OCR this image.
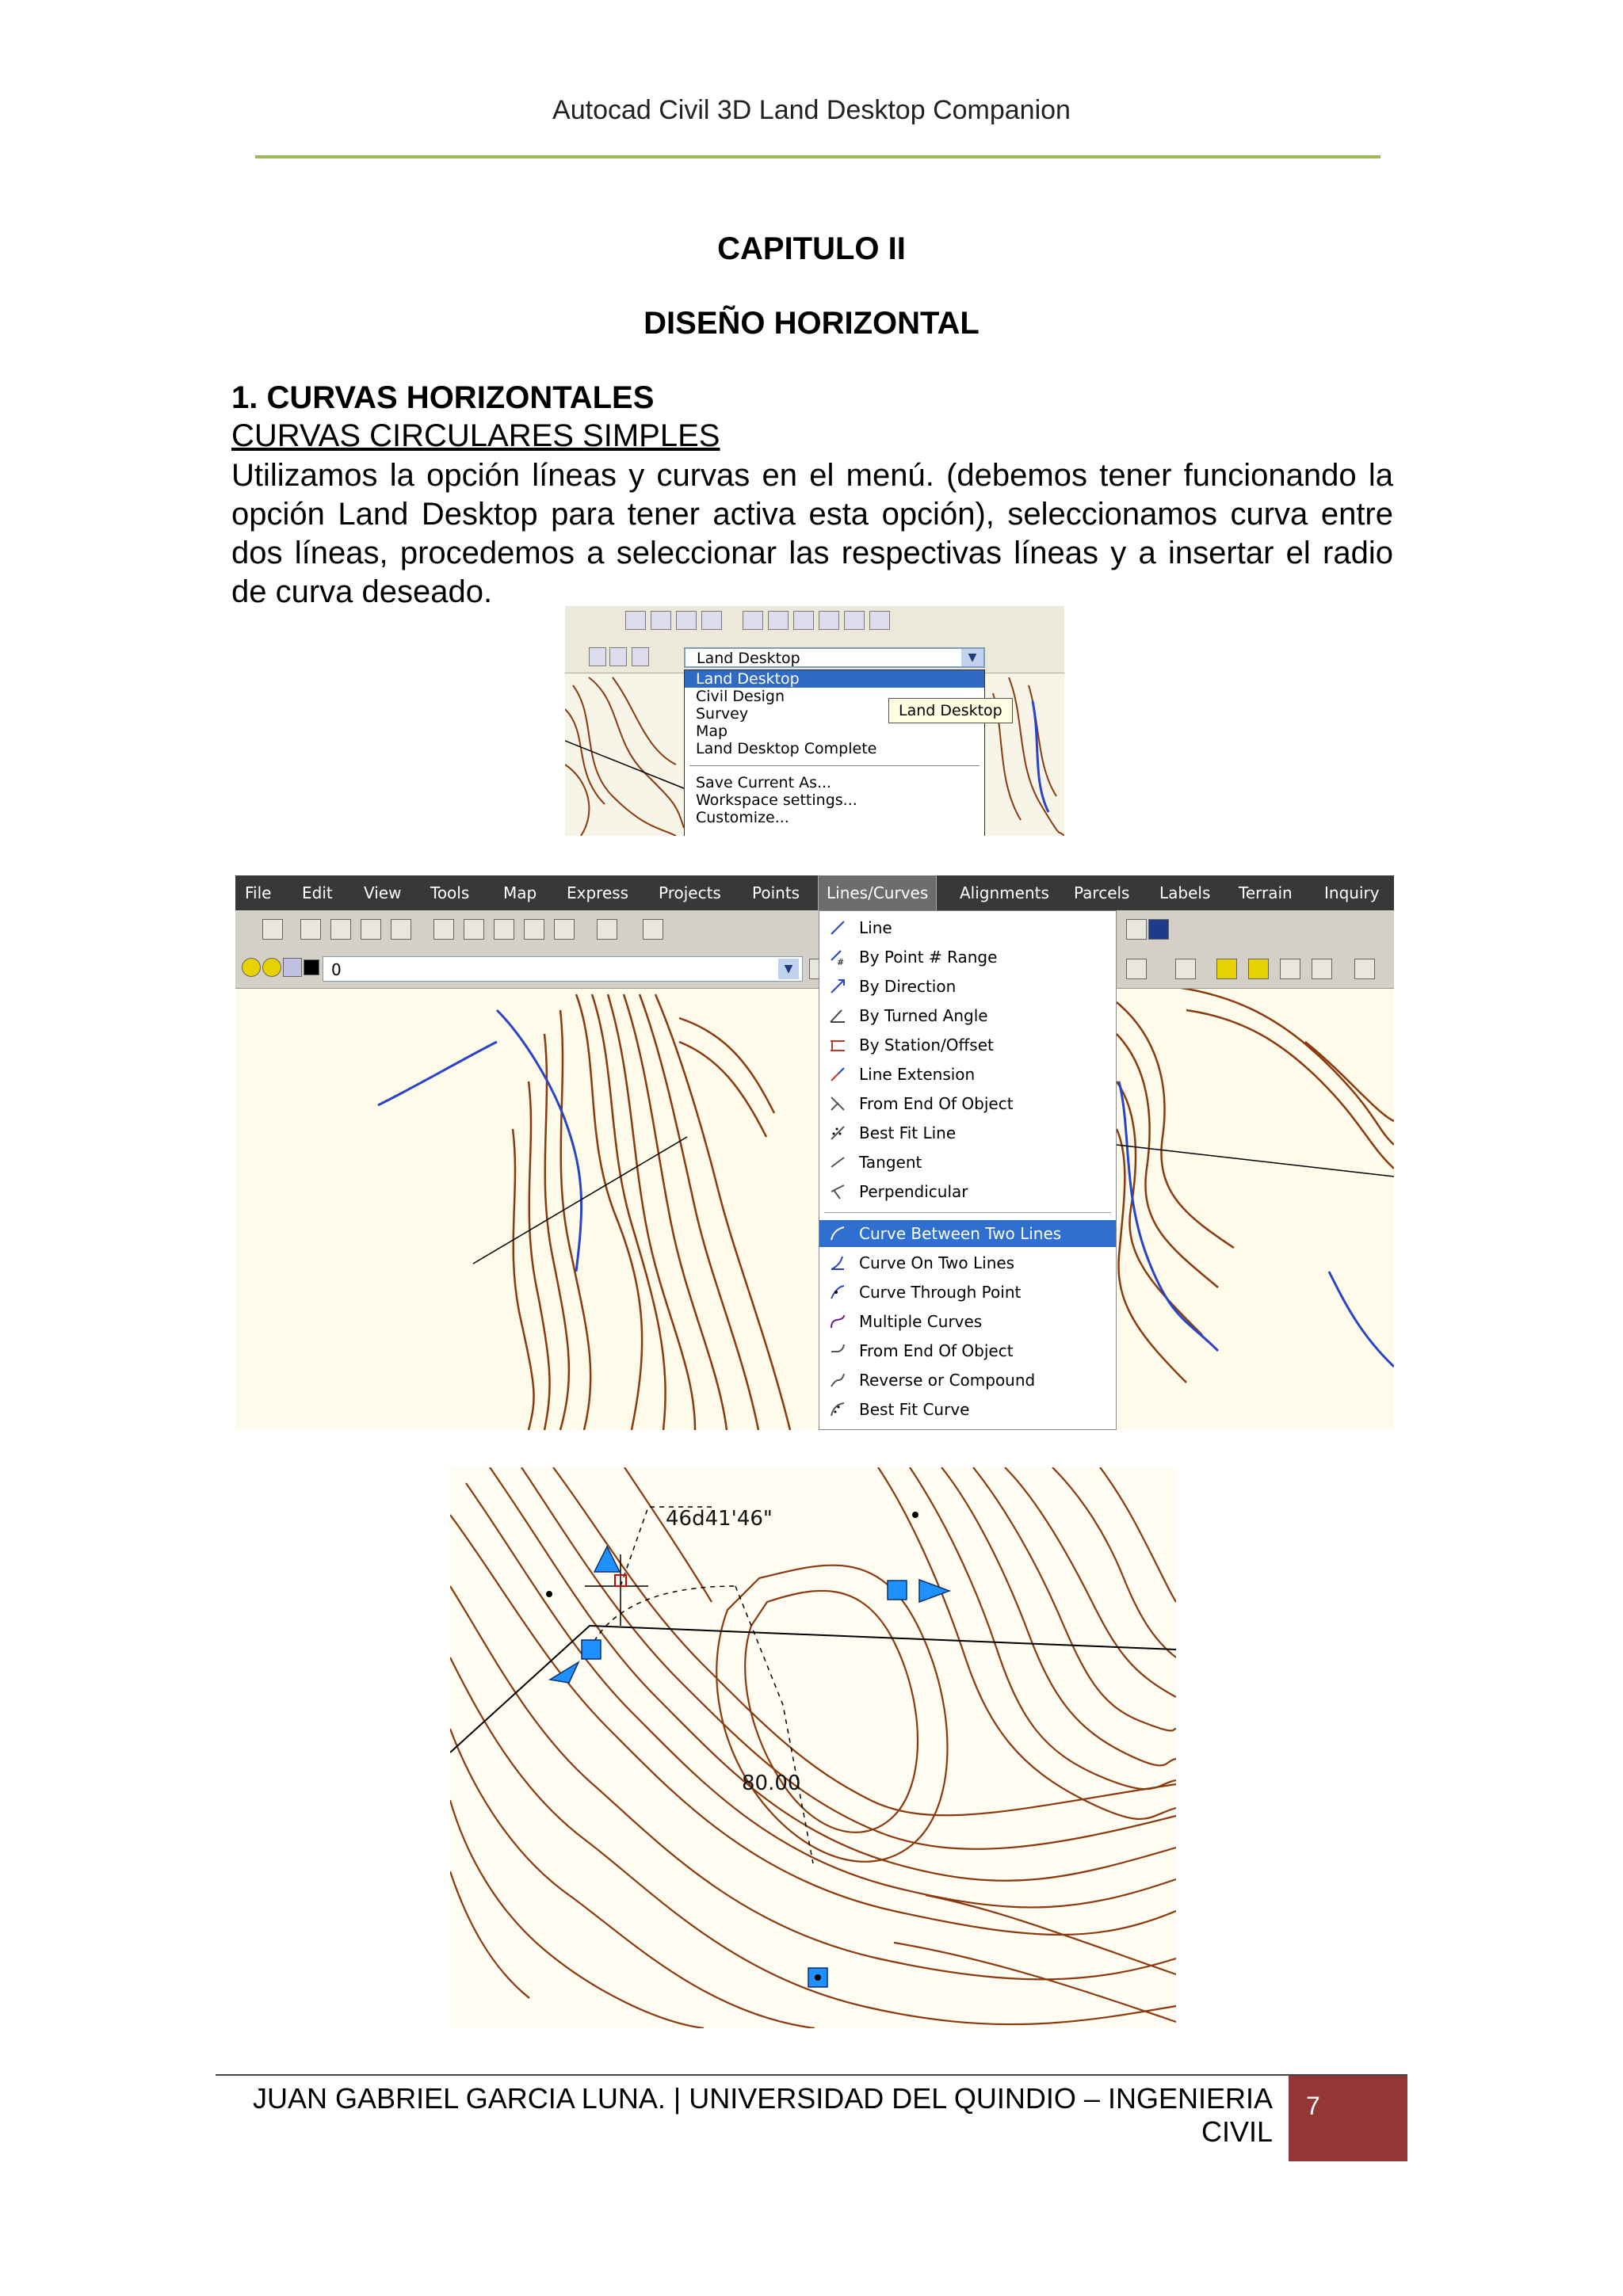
Autocad Civil 3D Land Desktop Companion
CAPITULO II
DISEÑO HORIZONTAL
1. CURVAS HORIZONTALES
CURVAS CIRCULARES SIMPLES
Utilizamos la opción líneas y curvas en el menú. (debemos tener funcionando la opción Land Desktop para tener activa esta opción), seleccionamos curva entre dos líneas, procedemos a seleccionar las respectivas líneas y a insertar el radio de curva deseado.
Land Desktop	▼
Land Desktop
Civil Design
Survey
Map
Land Desktop Complete
Save Current As...
Workspace settings...
Customize...
Land Desktop
File Edit View Tools Map Express Projects Points	Lines/Curves	Alignments Parcels Labels Terrain Inquiry
0	▼
Line
# By Point # Range
By Direction
By Turned Angle
By Station/Offset
Line Extension
From End Of Object
Best Fit Line
Tangent
Perpendicular
Curve Between Two Lines
Curve On Two Lines
Curve Through Point
Multiple Curves
From End Of Object
Reverse or Compound
Best Fit Curve
46d41'46"
80.00
JUAN GABRIEL GARCIA LUNA. | UNIVERSIDAD DEL QUINDIO – INGENIERIA CIVIL
7
